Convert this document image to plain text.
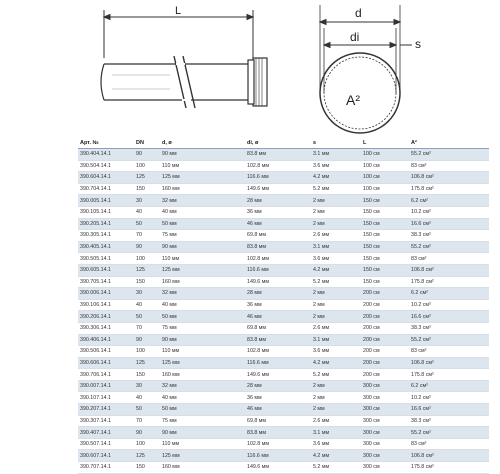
L	d
di	s
A²
Арт. №	DN	d, ø	di, ø	s	L	A²
390.404.14.1	90	90 мм	83.8 мм	3.1 мм	100 см	55.2 см²
390.504.14.1	100	110 мм	102.8 мм	3.6 мм	100 см	83 см²
390.604.14.1	125	125 мм	116.6 мм	4.2 мм	100 см	106.8 см²
390.704.14.1	150	160 мм	149.6 мм	5.2 мм	100 см	175.8 см²
390.005.14.1	30	32 мм	28 мм	2 мм	150 см	6.2 см²
390.105.14.1	40	40 мм	36 мм	2 мм	150 см	10.2 см²
390.205.14.1	50	50 мм	46 мм	2 мм	150 см	16.6 см²
390.305.14.1	70	75 мм	69.8 мм	2.6 мм	150 см	38.3 см²
390.405.14.1	90	90 мм	83.8 мм	3.1 мм	150 см	55.2 см²
390.505.14.1	100	110 мм	102.8 мм	3.6 мм	150 см	83 см²
390.605.14.1	125	125 мм	116.6 мм	4.2 мм	150 см	106.8 см²
390.705.14.1	150	160 мм	149.6 мм	5.2 мм	150 см	175.8 см²
390.006.14.1	30	32 мм	28 мм	2 мм	200 см	6.2 см²
390.106.14.1	40	40 мм	36 мм	2 мм	200 см	10.2 см²
390.206.14.1	50	50 мм	46 мм	2 мм	200 см	16.6 см²
390.306.14.1	70	75 мм	69.8 мм	2.6 мм	200 см	38.3 см²
390.406.14.1	90	90 мм	83.8 мм	3.1 мм	200 см	55.2 см²
390.506.14.1	100	110 мм	102.8 мм	3.6 мм	200 см	83 см²
390.606.14.1	125	125 мм	116.6 мм	4.2 мм	200 см	106.8 см²
390.706.14.1	150	160 мм	149.6 мм	5.2 мм	200 см	175.8 см²
390.007.14.1	30	32 мм	28 мм	2 мм	300 см	6.2 см²
390.107.14.1	40	40 мм	36 мм	2 мм	300 см	10.2 см²
390.207.14.1	50	50 мм	46 мм	2 мм	300 см	16.6 см²
390.307.14.1	70	75 мм	69.8 мм	2.6 мм	300 см	38.3 см²
390.407.14.1	90	90 мм	83.8 мм	3.1 мм	300 см	55.2 см²
390.507.14.1	100	110 мм	102.8 мм	3.6 мм	300 см	83 см²
390.607.14.1	125	125 мм	116.6 мм	4.2 мм	300 см	106.8 см²
390.707.14.1	150	160 мм	149.6 мм	5.2 мм	300 см	175.8 см²
